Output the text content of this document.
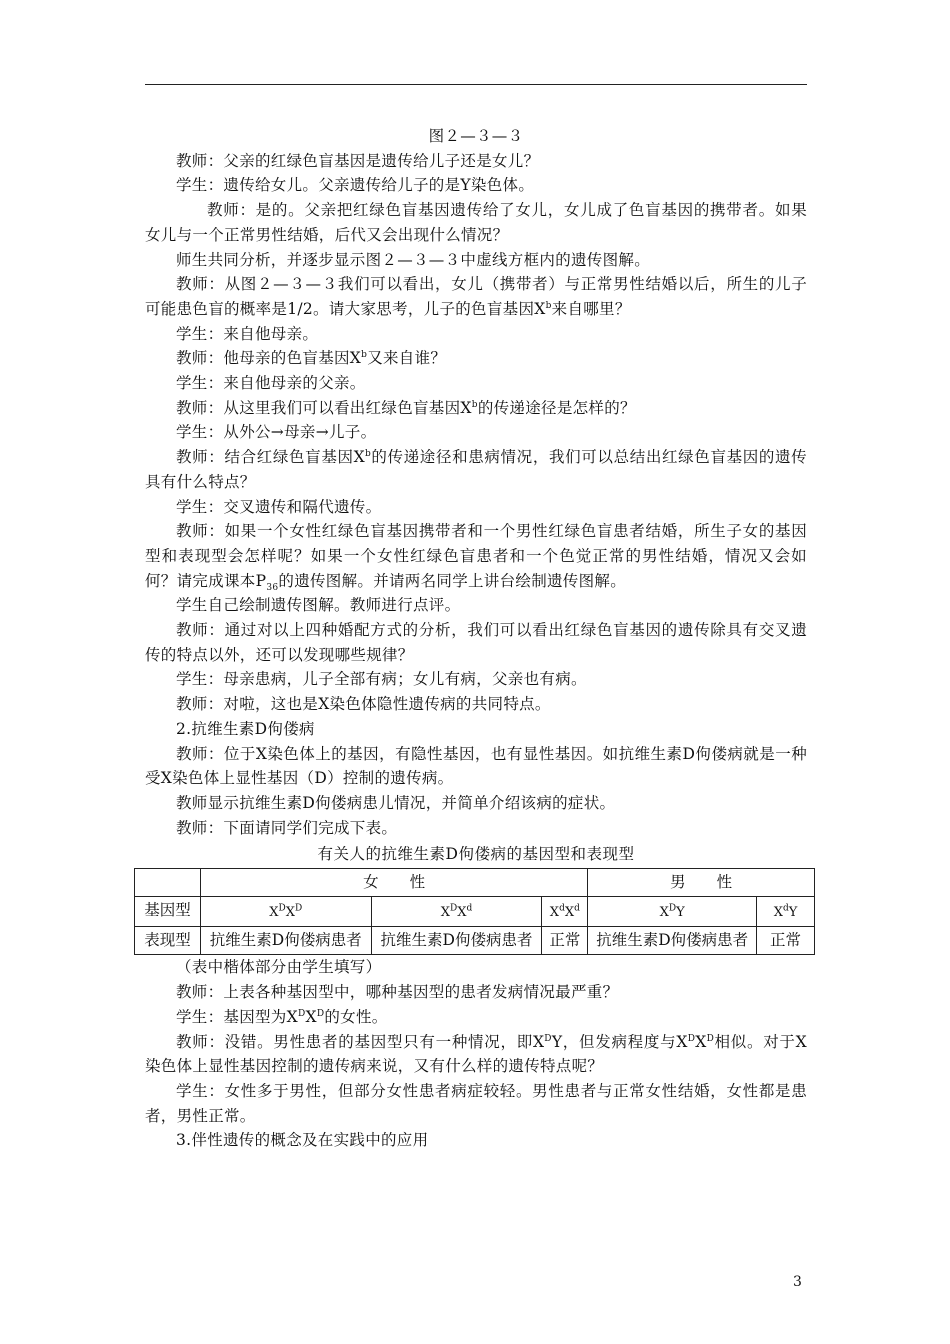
图２—３—３

教师：父亲的红绿色盲基因是遗传给儿子还是女儿？

学生：遗传给女儿。父亲遗传给儿子的是Y染色体。

教师：是的。父亲把红绿色盲基因遗传给了女儿，女儿成了色盲基因的携带者。如果女儿与一个正常男性结婚，后代又会出现什么情况？

师生共同分析，并逐步显示图２—３—３中虚线方框内的遗传图解。

教师：从图２—３—３我们可以看出，女儿（携带者）与正常男性结婚以后，所生的儿子可能患色盲的概率是1/2。请大家思考，儿子的色盲基因$X^b$来自哪里？

学生：来自他母亲。

教师：他母亲的色盲基因$X^b$又来自谁？

学生：来自他母亲的父亲。

教师：从这里我们可以看出红绿色盲基因$X^b$的传递途径是怎样的？

学生：从外公→母亲→儿子。

教师：结合红绿色盲基因$X^b$的传递途径和患病情况，我们可以总结出红绿色盲基因的遗传具有什么特点？

学生：交叉遗传和隔代遗传。

教师：如果一个女性红绿色盲基因携带者和一个男性红绿色盲患者结婚，所生子女的基因型和表现型会怎样呢？如果一个女性红绿色盲患者和一个色觉正常的男性结婚，情况又会如何？请完成课本$P_{36}$的遗传图解。并请两名同学上讲台绘制遗传图解。

学生自己绘制遗传图解。教师进行点评。

教师：通过对以上四种婚配方式的分析，我们可以看出红绿色盲基因的遗传除具有交叉遗传的特点以外，还可以发现哪些规律？

学生：母亲患病，儿子全部有病；女儿有病，父亲也有病。

教师：对啦，这也是X染色体隐性遗传病的共同特点。

2.抗维生素D佝偻病

教师：位于X染色体上的基因，有隐性基因，也有显性基因。如抗维生素D佝偻病就是一种受X染色体上显性基因（D）控制的遗传病。

教师显示抗维生素D佝偻病患儿情况，并简单介绍该病的症状。

教师：下面请同学们完成下表。

有关人的抗维生素D佝偻病的基因型和表现型
	女　　性			男　　性	
基因型	$X^DX^D$	$X^DX^d$	$X^dX^d$	$X^DY$	$X^dY$
表现型	抗维生素D佝偻病患者	抗维生素D佝偻病患者	正常	抗维生素D佝偻病患者	正常

（表中楷体部分由学生填写）

教师：上表各种基因型中，哪种基因型的患者发病情况最严重？

学生：基因型为$X^DX^D$的女性。

教师：没错。男性患者的基因型只有一种情况，即$X^DY$，但发病程度与$X^DX^D$相似。对于X染色体上显性基因控制的遗传病来说，又有什么样的遗传特点呢？

学生：女性多于男性，但部分女性患者病症较轻。男性患者与正常女性结婚，女性都是患者，男性正常。

3.伴性遗传的概念及在实践中的应用

3
